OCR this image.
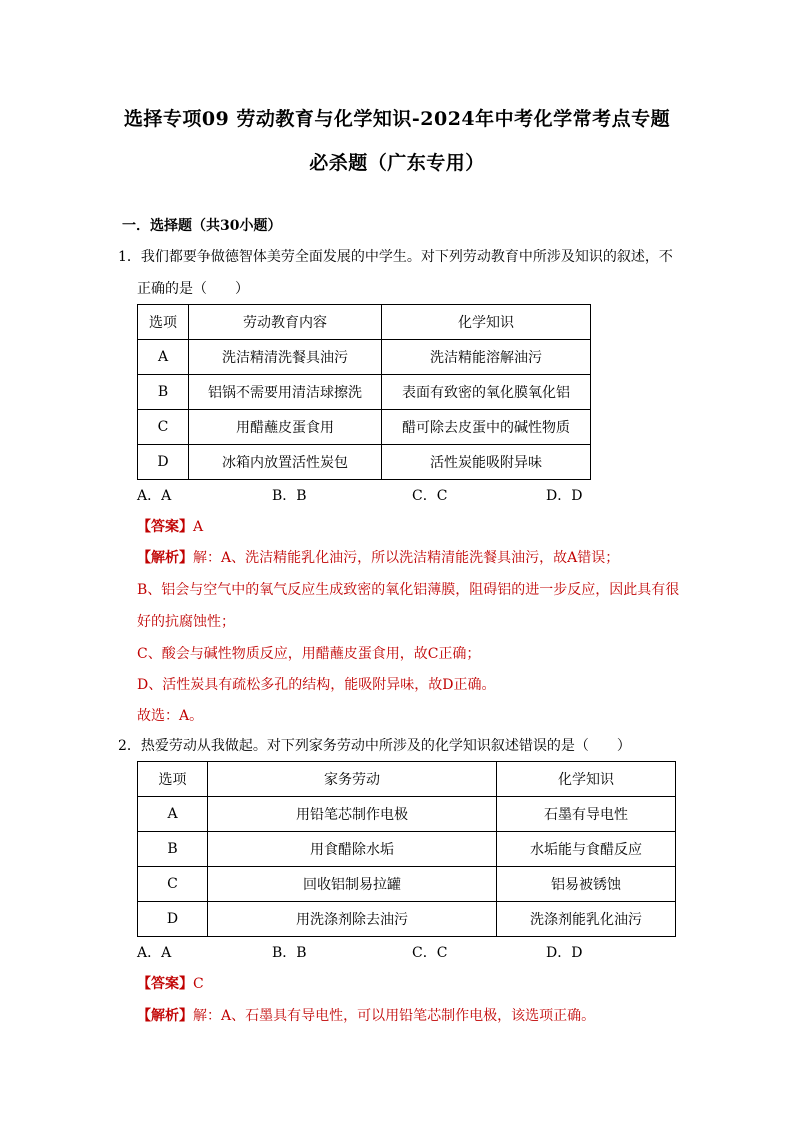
选择专项09 劳动教育与化学知识-2024年中考化学常考点专题
必杀题（广东专用）
一．选择题（共30小题）
1．我们都要争做德智体美劳全面发展的中学生。对下列劳动教育中所涉及知识的叙述，不
正确的是（　　）
选项	劳动教育内容	化学知识
A	洗洁精清洗餐具油污	洗洁精能溶解油污
B	铝锅不需要用清洁球擦洗	表面有致密的氧化膜氧化铝
C	用醋蘸皮蛋食用	醋可除去皮蛋中的碱性物质
D	冰箱内放置活性炭包	活性炭能吸附异味
A．A	B．B	C．C	D．D
【答案】A
【解析】解：A、洗洁精能乳化油污，所以洗洁精清能洗餐具油污，故A错误；
B、铝会与空气中的氧气反应生成致密的氧化铝薄膜，阻碍铝的进一步反应，因此具有很
好的抗腐蚀性；
C、酸会与碱性物质反应，用醋蘸皮蛋食用，故C正确；
D、活性炭具有疏松多孔的结构，能吸附异味，故D正确。
故选：A。
2．热爱劳动从我做起。对下列家务劳动中所涉及的化学知识叙述错误的是（　　）
选项	家务劳动	化学知识
A	用铅笔芯制作电极	石墨有导电性
B	用食醋除水垢	水垢能与食醋反应
C	回收铝制易拉罐	铝易被锈蚀
D	用洗涤剂除去油污	洗涤剂能乳化油污
A．A	B．B	C．C	D．D
【答案】C
【解析】解：A、石墨具有导电性，可以用铅笔芯制作电极，该选项正确。
